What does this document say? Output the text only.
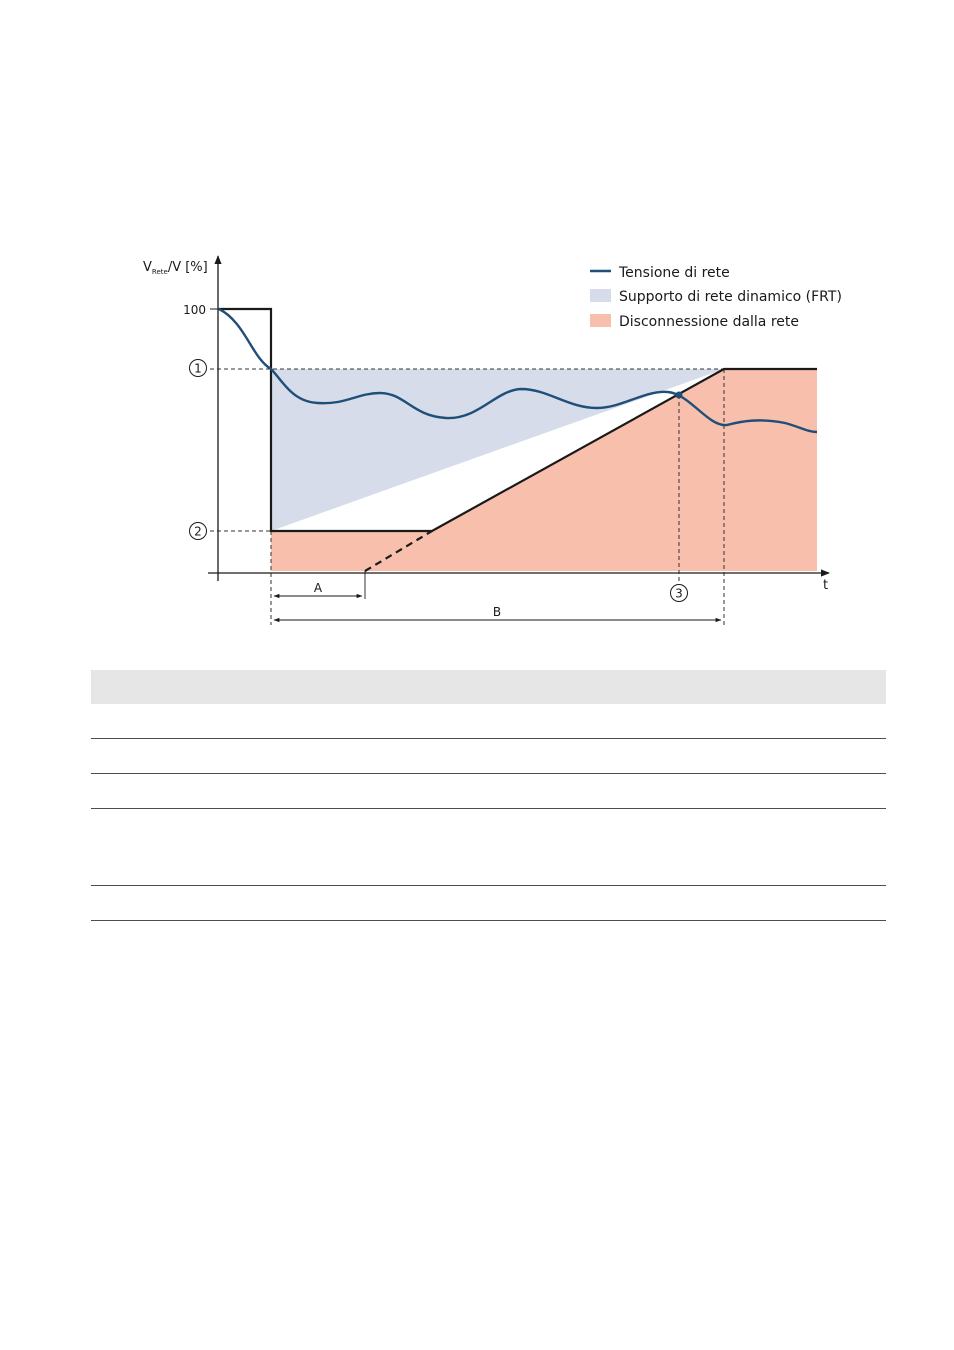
100
$V_{Rete}/V$ [%]
t
1
2
3
A
B
Tensione di rete
Supporto di rete dinamico (FRT)
Disconnessione dalla rete
